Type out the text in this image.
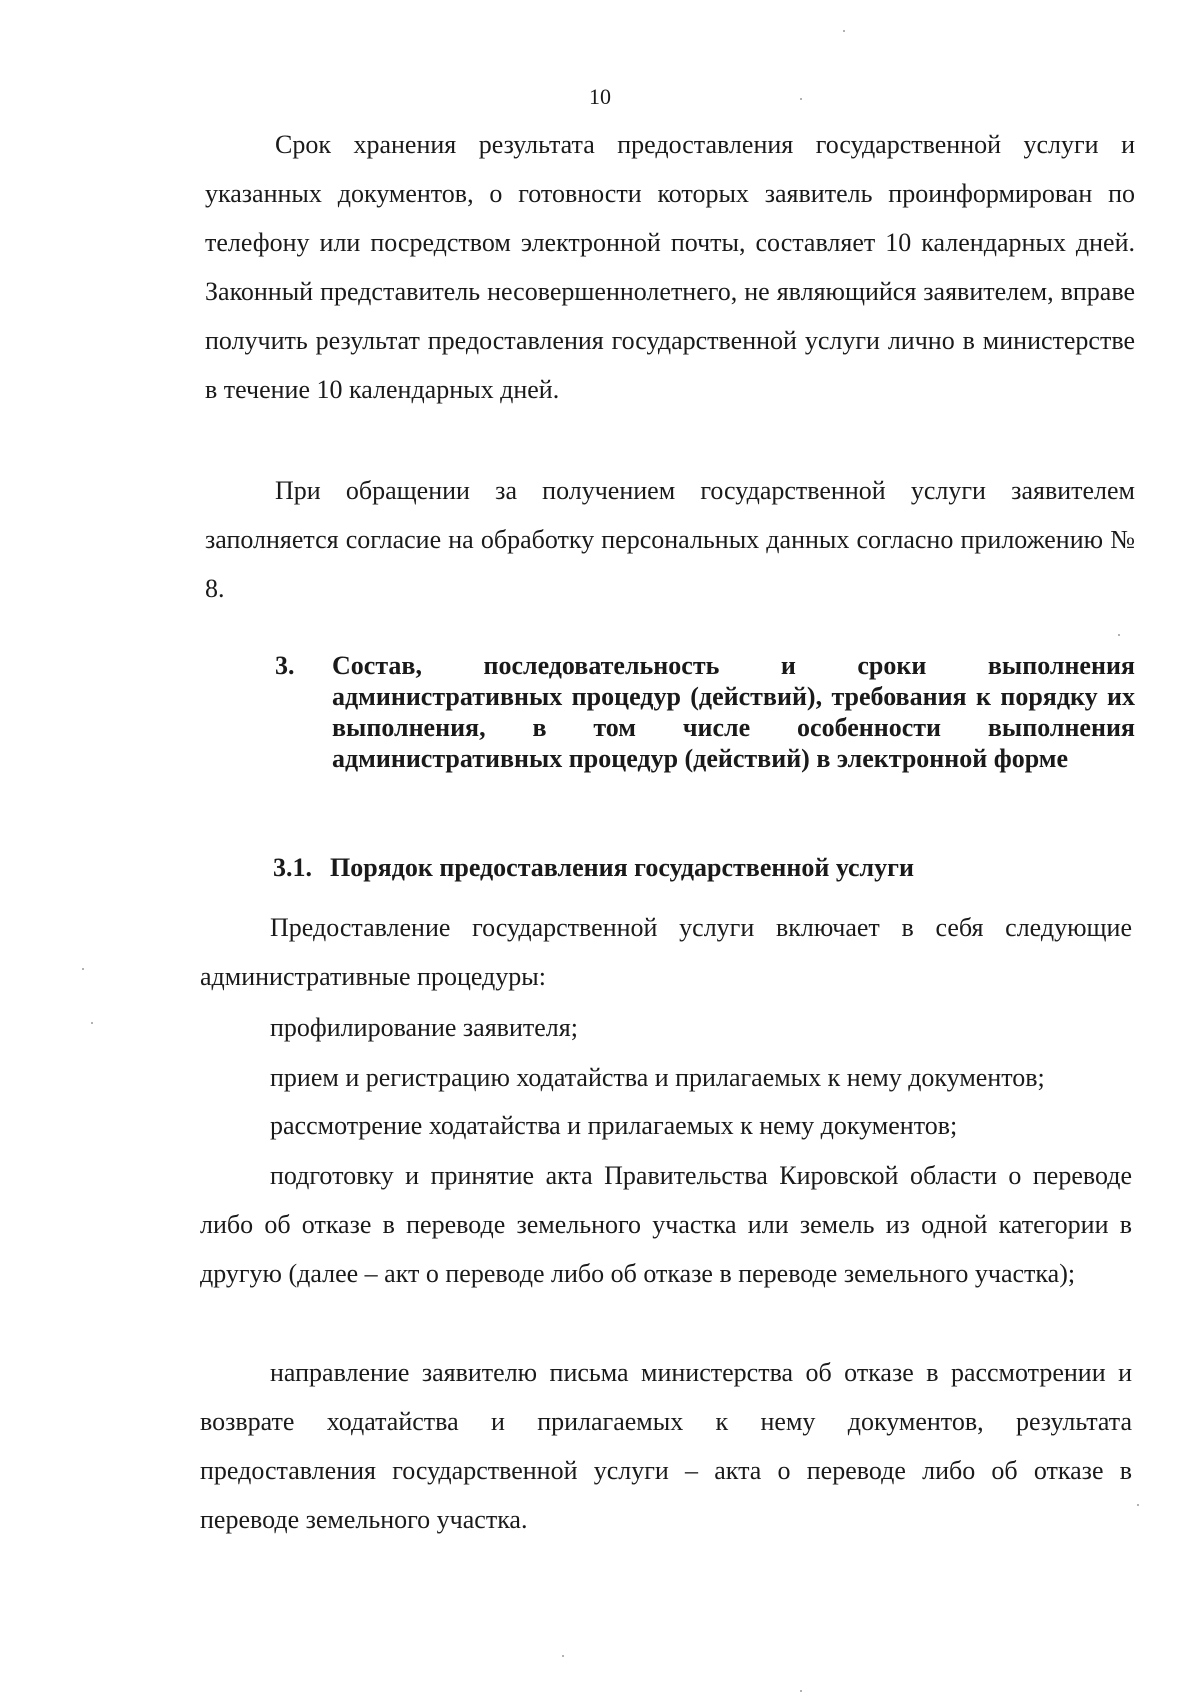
10

Срок хранения результата предоставления государственной услуги и указанных документов, о готовности которых заявитель проинформирован по телефону или посредством электронной почты, составляет 10 календарных дней. Законный представитель несовершеннолетнего, не являющийся заявителем, вправе получить результат предоставления государственной услуги лично в министерстве в течение 10 календарных дней.

При обращении за получением государственной услуги заявителем заполняется согласие на обработку персональных данных согласно приложению № 8.

3.	Состав, последовательность и сроки выполнения административных процедур (действий), требования к порядку их выполнения, в том числе особенности выполнения административных процедур (действий) в электронной форме

3.1. Порядок предоставления государственной услуги

Предоставление государственной услуги включает в себя следующие административные процедуры:

профилирование заявителя;

прием и регистрацию ходатайства и прилагаемых к нему документов;

рассмотрение ходатайства и прилагаемых к нему документов;

подготовку и принятие акта Правительства Кировской области о переводе либо об отказе в переводе земельного участка или земель из одной категории в другую (далее – акт о переводе либо об отказе в переводе земельного участка);

направление заявителю письма министерства об отказе в рассмотрении и возврате ходатайства и прилагаемых к нему документов, результата предоставления государственной услуги – акта о переводе либо об отказе в переводе земельного участка.
